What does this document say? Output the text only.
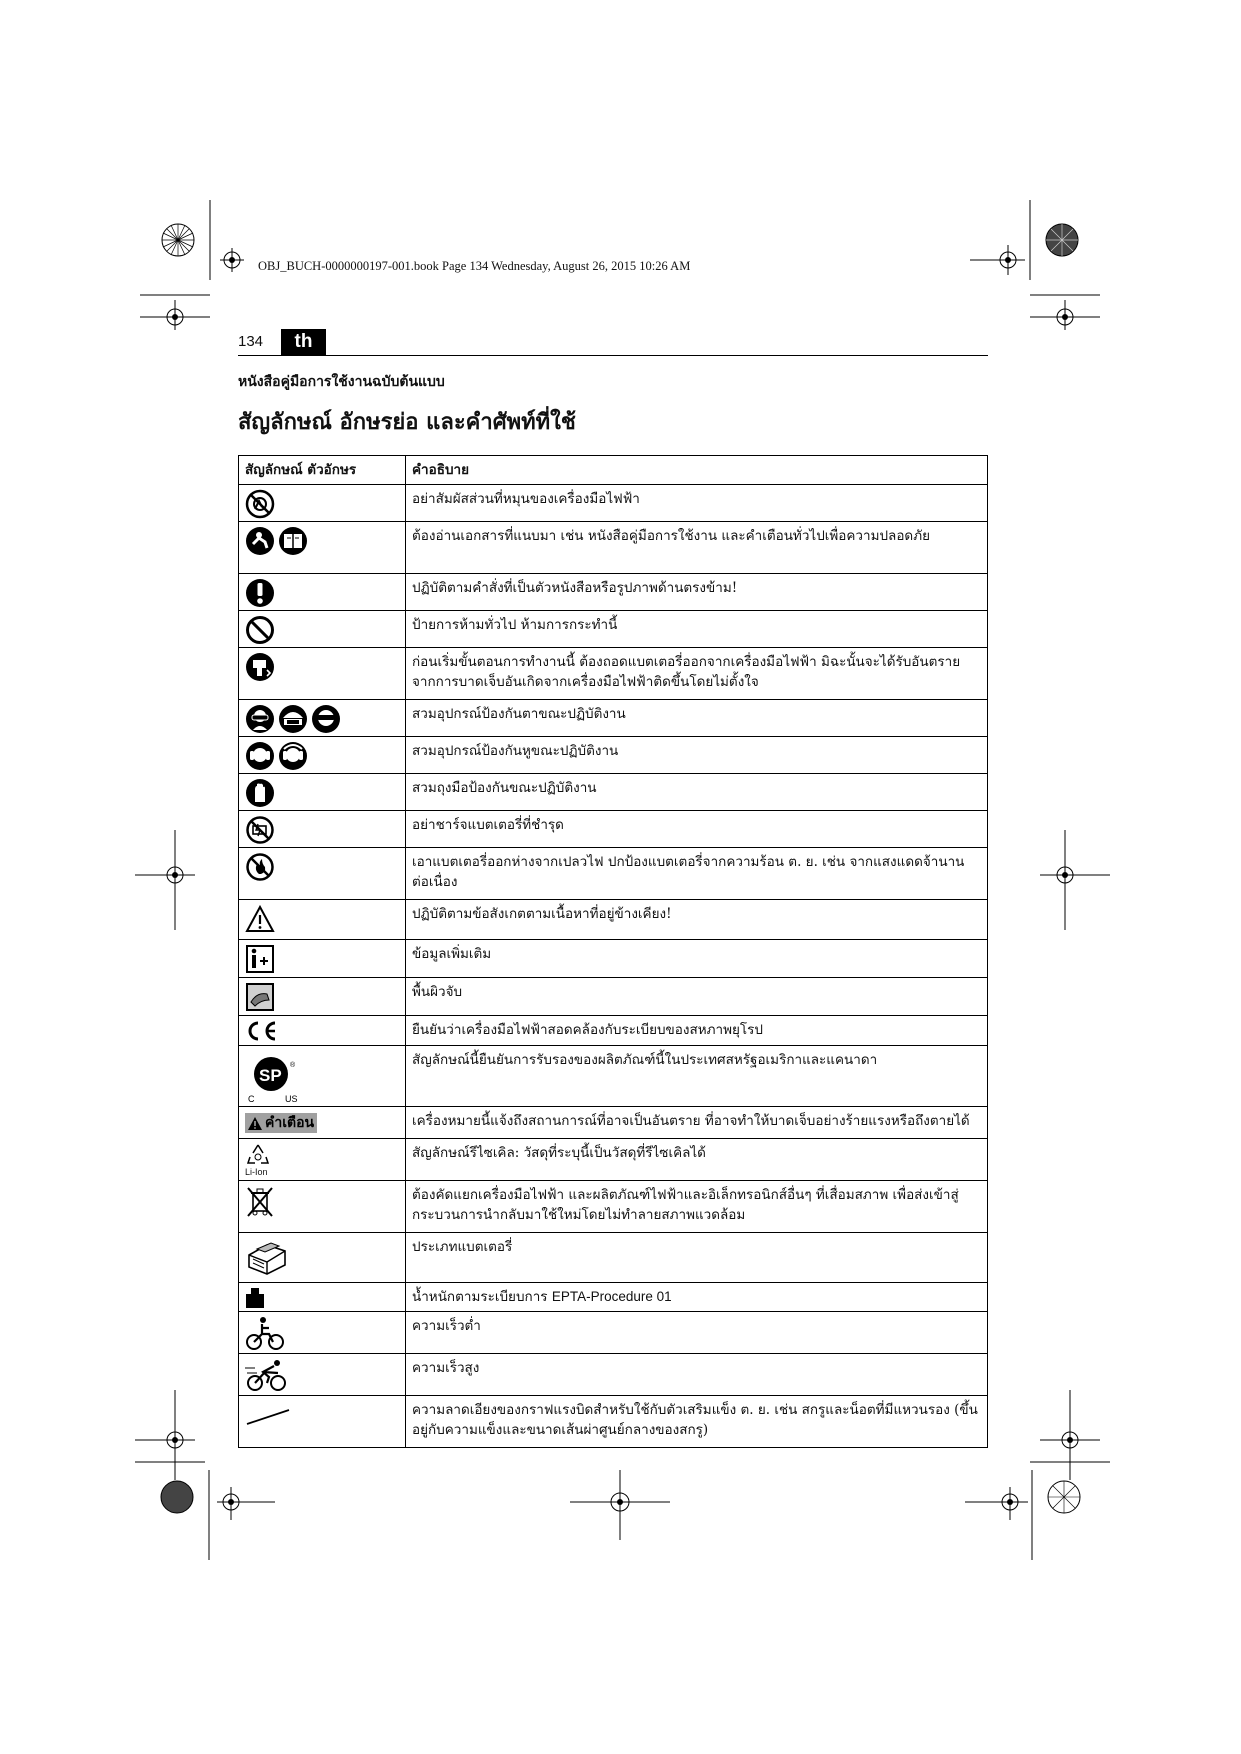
OBJ_BUCH-0000000197-001.book Page 134 Wednesday, August 26, 2015 10:26 AM
134	th
หนังสือคู่มือการใช้งานฉบับต้นแบบ
สัญลักษณ์ อักษรย่อ และคำศัพท์ที่ใช้
สัญลักษณ์ ตัวอักษร	คำอธิบาย

	อย่าสัมผัสส่วนที่หมุนของเครื่องมือไฟฟ้า

	ต้องอ่านเอกสารที่แนบมา เช่น หนังสือคู่มือการใช้งาน และคำเตือนทั่วไปเพื่อความปลอดภัย

	ปฏิบัติตามคำสั่งที่เป็นตัวหนังสือหรือรูปภาพด้านตรงข้าม!

	ป้ายการห้ามทั่วไป ห้ามการกระทำนี้

	ก่อนเริ่มขั้นตอนการทำงานนี้ ต้องถอดแบตเตอรี่ออกจากเครื่องมือไฟฟ้า มิฉะนั้นจะได้รับอันตรายจากการบาดเจ็บอันเกิดจากเครื่องมือไฟฟ้าติดขึ้นโดยไม่ตั้งใจ

	สวมอุปกรณ์ป้องกันตาขณะปฏิบัติงาน

	สวมอุปกรณ์ป้องกันหูขณะปฏิบัติงาน

	สวมถุงมือป้องกันขณะปฏิบัติงาน

	อย่าชาร์จแบตเตอรี่ที่ชำรุด

	เอาแบตเตอรี่ออกห่างจากเปลวไฟ ปกป้องแบตเตอรี่จากความร้อน ต. ย. เช่น จากแสงแดดจ้านานต่อเนื่อง

	ปฏิบัติตามข้อสังเกตตามเนื้อหาที่อยู่ข้างเคียง!

	ข้อมูลเพิ่มเติม

	พื้นผิวจับ

	ยืนยันว่าเครื่องมือไฟฟ้าสอดคล้องกับระเบียบของสหภาพยุโรป

SP
®
C US	สัญลักษณ์นี้ยืนยันการรับรองของผลิตภัณฑ์นี้ในประเทศสหรัฐอเมริกาและแคนาดา

คำเตือน	เครื่องหมายนี้แจ้งถึงสถานการณ์ที่อาจเป็นอันตราย ที่อาจทำให้บาดเจ็บอย่างร้ายแรงหรือถึงตายได้

Li-Ion	สัญลักษณ์รีไซเคิล: วัสดุที่ระบุนี้เป็นวัสดุที่รีไซเคิลได้

	ต้องคัดแยกเครื่องมือไฟฟ้า และผลิตภัณฑ์ไฟฟ้าและอิเล็กทรอนิกส์อื่นๆ ที่เสื่อมสภาพ เพื่อส่งเข้าสู่กระบวนการนำกลับมาใช้ใหม่โดยไม่ทำลายสภาพแวดล้อม

	ประเภทแบตเตอรี่

	น้ำหนักตามระเบียบการ EPTA-Procedure 01

	ความเร็วต่ำ

	ความเร็วสูง

	ความลาดเอียงของกราฟแรงบิดสำหรับใช้กับตัวเสริมแข็ง ต. ย. เช่น สกรูและน็อตที่มีแหวนรอง (ขึ้นอยู่กับความแข็งและขนาดเส้นผ่าศูนย์กลางของสกรู)
